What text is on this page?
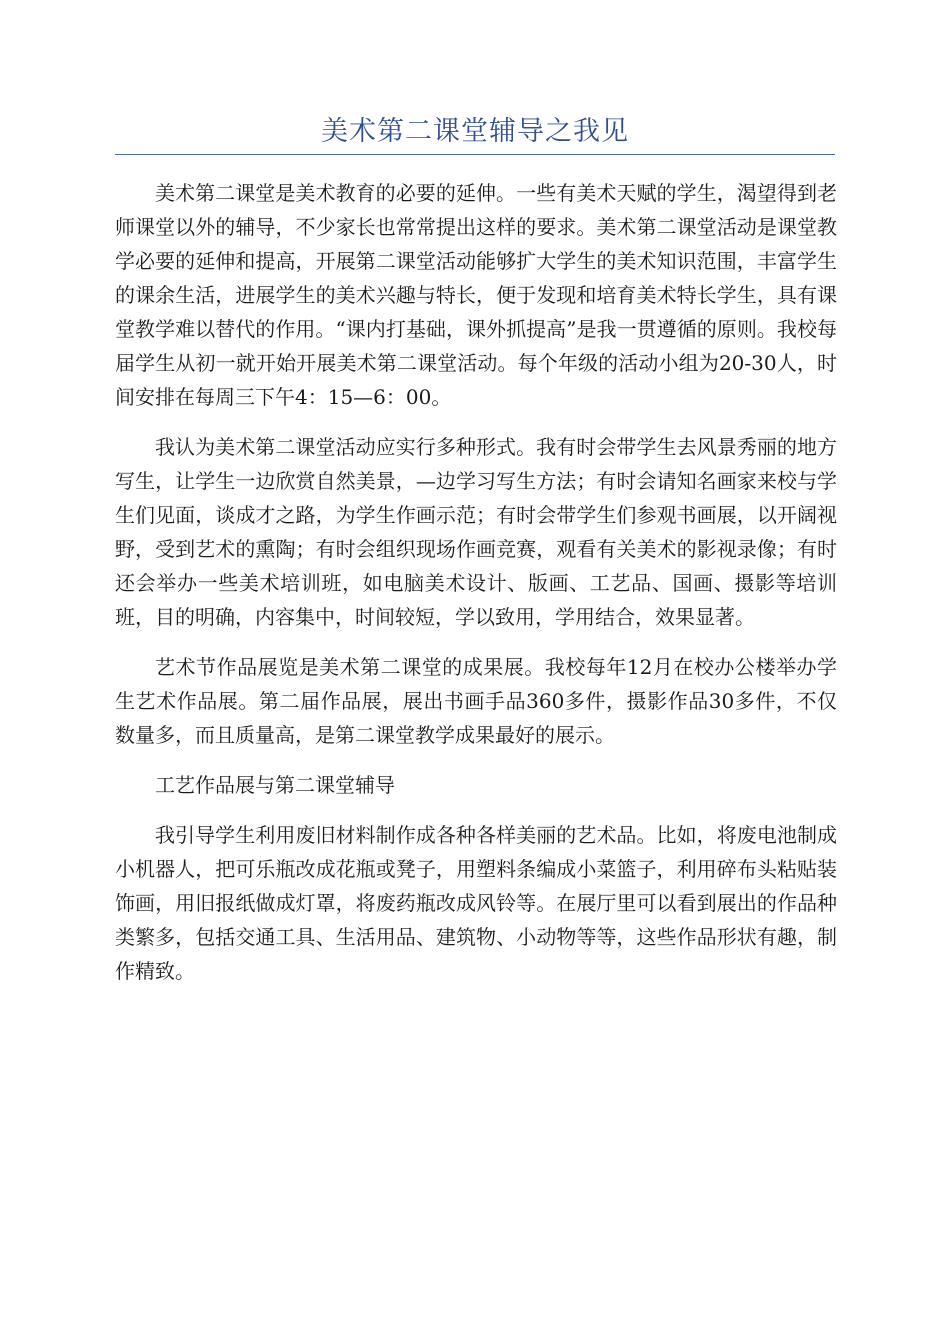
美术第二课堂辅导之我见

美术第二课堂是美术教育的必要的延伸。一些有美术天赋的学生，渴望得到老师课堂以外的辅导，不少家长也常常提出这样的要求。美术第二课堂活动是课堂教学必要的延伸和提高，开展第二课堂活动能够扩大学生的美术知识范围，丰富学生的课余生活，进展学生的美术兴趣与特长，便于发现和培育美术特长学生，具有课堂教学难以替代的作用。“课内打基础，课外抓提高”是我一贯遵循的原则。我校每届学生从初一就开始开展美术第二课堂活动。每个年级的活动小组为20-30人，时间安排在每周三下午4：15—6：00。

我认为美术第二课堂活动应实行多种形式。我有时会带学生去风景秀丽的地方写生，让学生一边欣赏自然美景，—边学习写生方法；有时会请知名画家来校与学生们见面，谈成才之路，为学生作画示范；有时会带学生们参观书画展，以开阔视野，受到艺术的熏陶；有时会组织现场作画竞赛，观看有关美术的影视录像；有时还会举办一些美术培训班，如电脑美术设计、版画、工艺品、国画、摄影等培训班，目的明确，内容集中，时间较短，学以致用，学用结合，效果显著。

艺术节作品展览是美术第二课堂的成果展。我校每年12月在校办公楼举办学生艺术作品展。第二届作品展，展出书画手品360多件，摄影作品30多件，不仅数量多，而且质量高，是第二课堂教学成果最好的展示。

工艺作品展与第二课堂辅导

我引导学生利用废旧材料制作成各种各样美丽的艺术品。比如，将废电池制成小机器人，把可乐瓶改成花瓶或凳子，用塑料条编成小菜篮子，利用碎布头粘贴装饰画，用旧报纸做成灯罩，将废药瓶改成风铃等。在展厅里可以看到展出的作品种类繁多，包括交通工具、生活用品、建筑物、小动物等等，这些作品形状有趣，制作精致。
